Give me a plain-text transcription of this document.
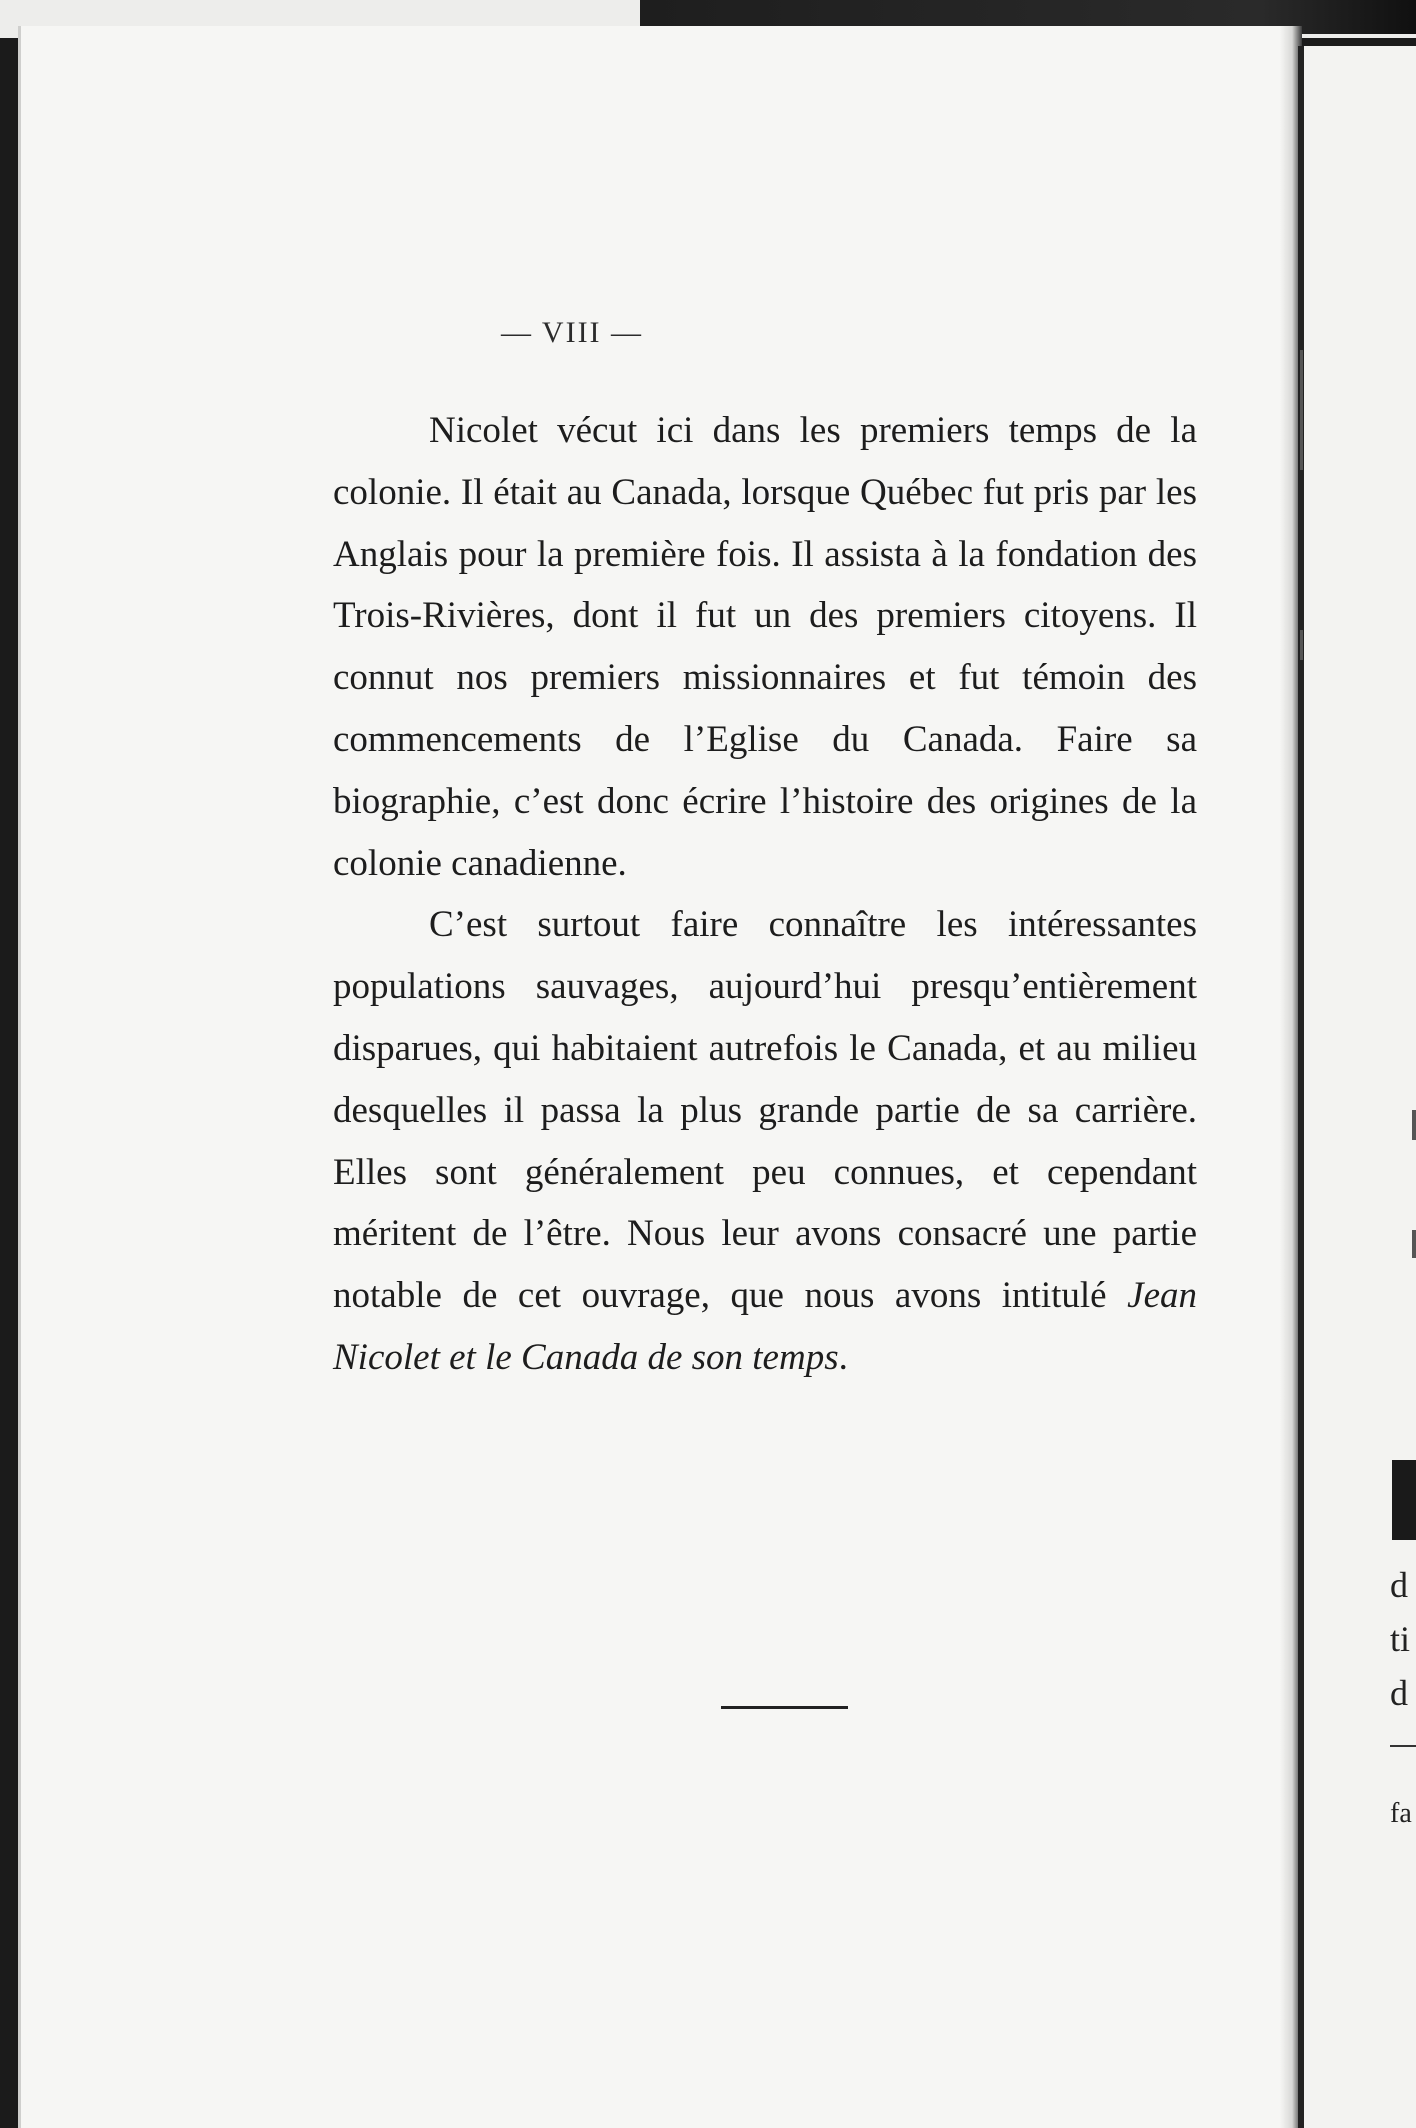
— VIII —

Nicolet vécut ici dans les premiers temps de la colonie. Il était au Canada, lorsque Québec fut pris par les Anglais pour la première fois. Il assista à la fondation des Trois-Rivières, dont il fut un des premiers citoyens. Il connut nos premiers missionnaires et fut témoin des commencements de l’Eglise du Canada. Faire sa biographie, c’est donc écrire l’histoire des origines de la colonie canadienne.

C’est surtout faire connaître les intéressantes populations sauvages, aujourd’hui presqu’entièrement disparues, qui habitaient autrefois le Canada, et au milieu desquelles il passa la plus grande partie de sa carrière. Elles sont généralement peu connues, et cependant méritent de l’être. Nous leur avons consacré une partie notable de cet ouvrage, que nous avons intitulé Jean Nicolet et le Canada de son temps.

d
ti
d
fa
